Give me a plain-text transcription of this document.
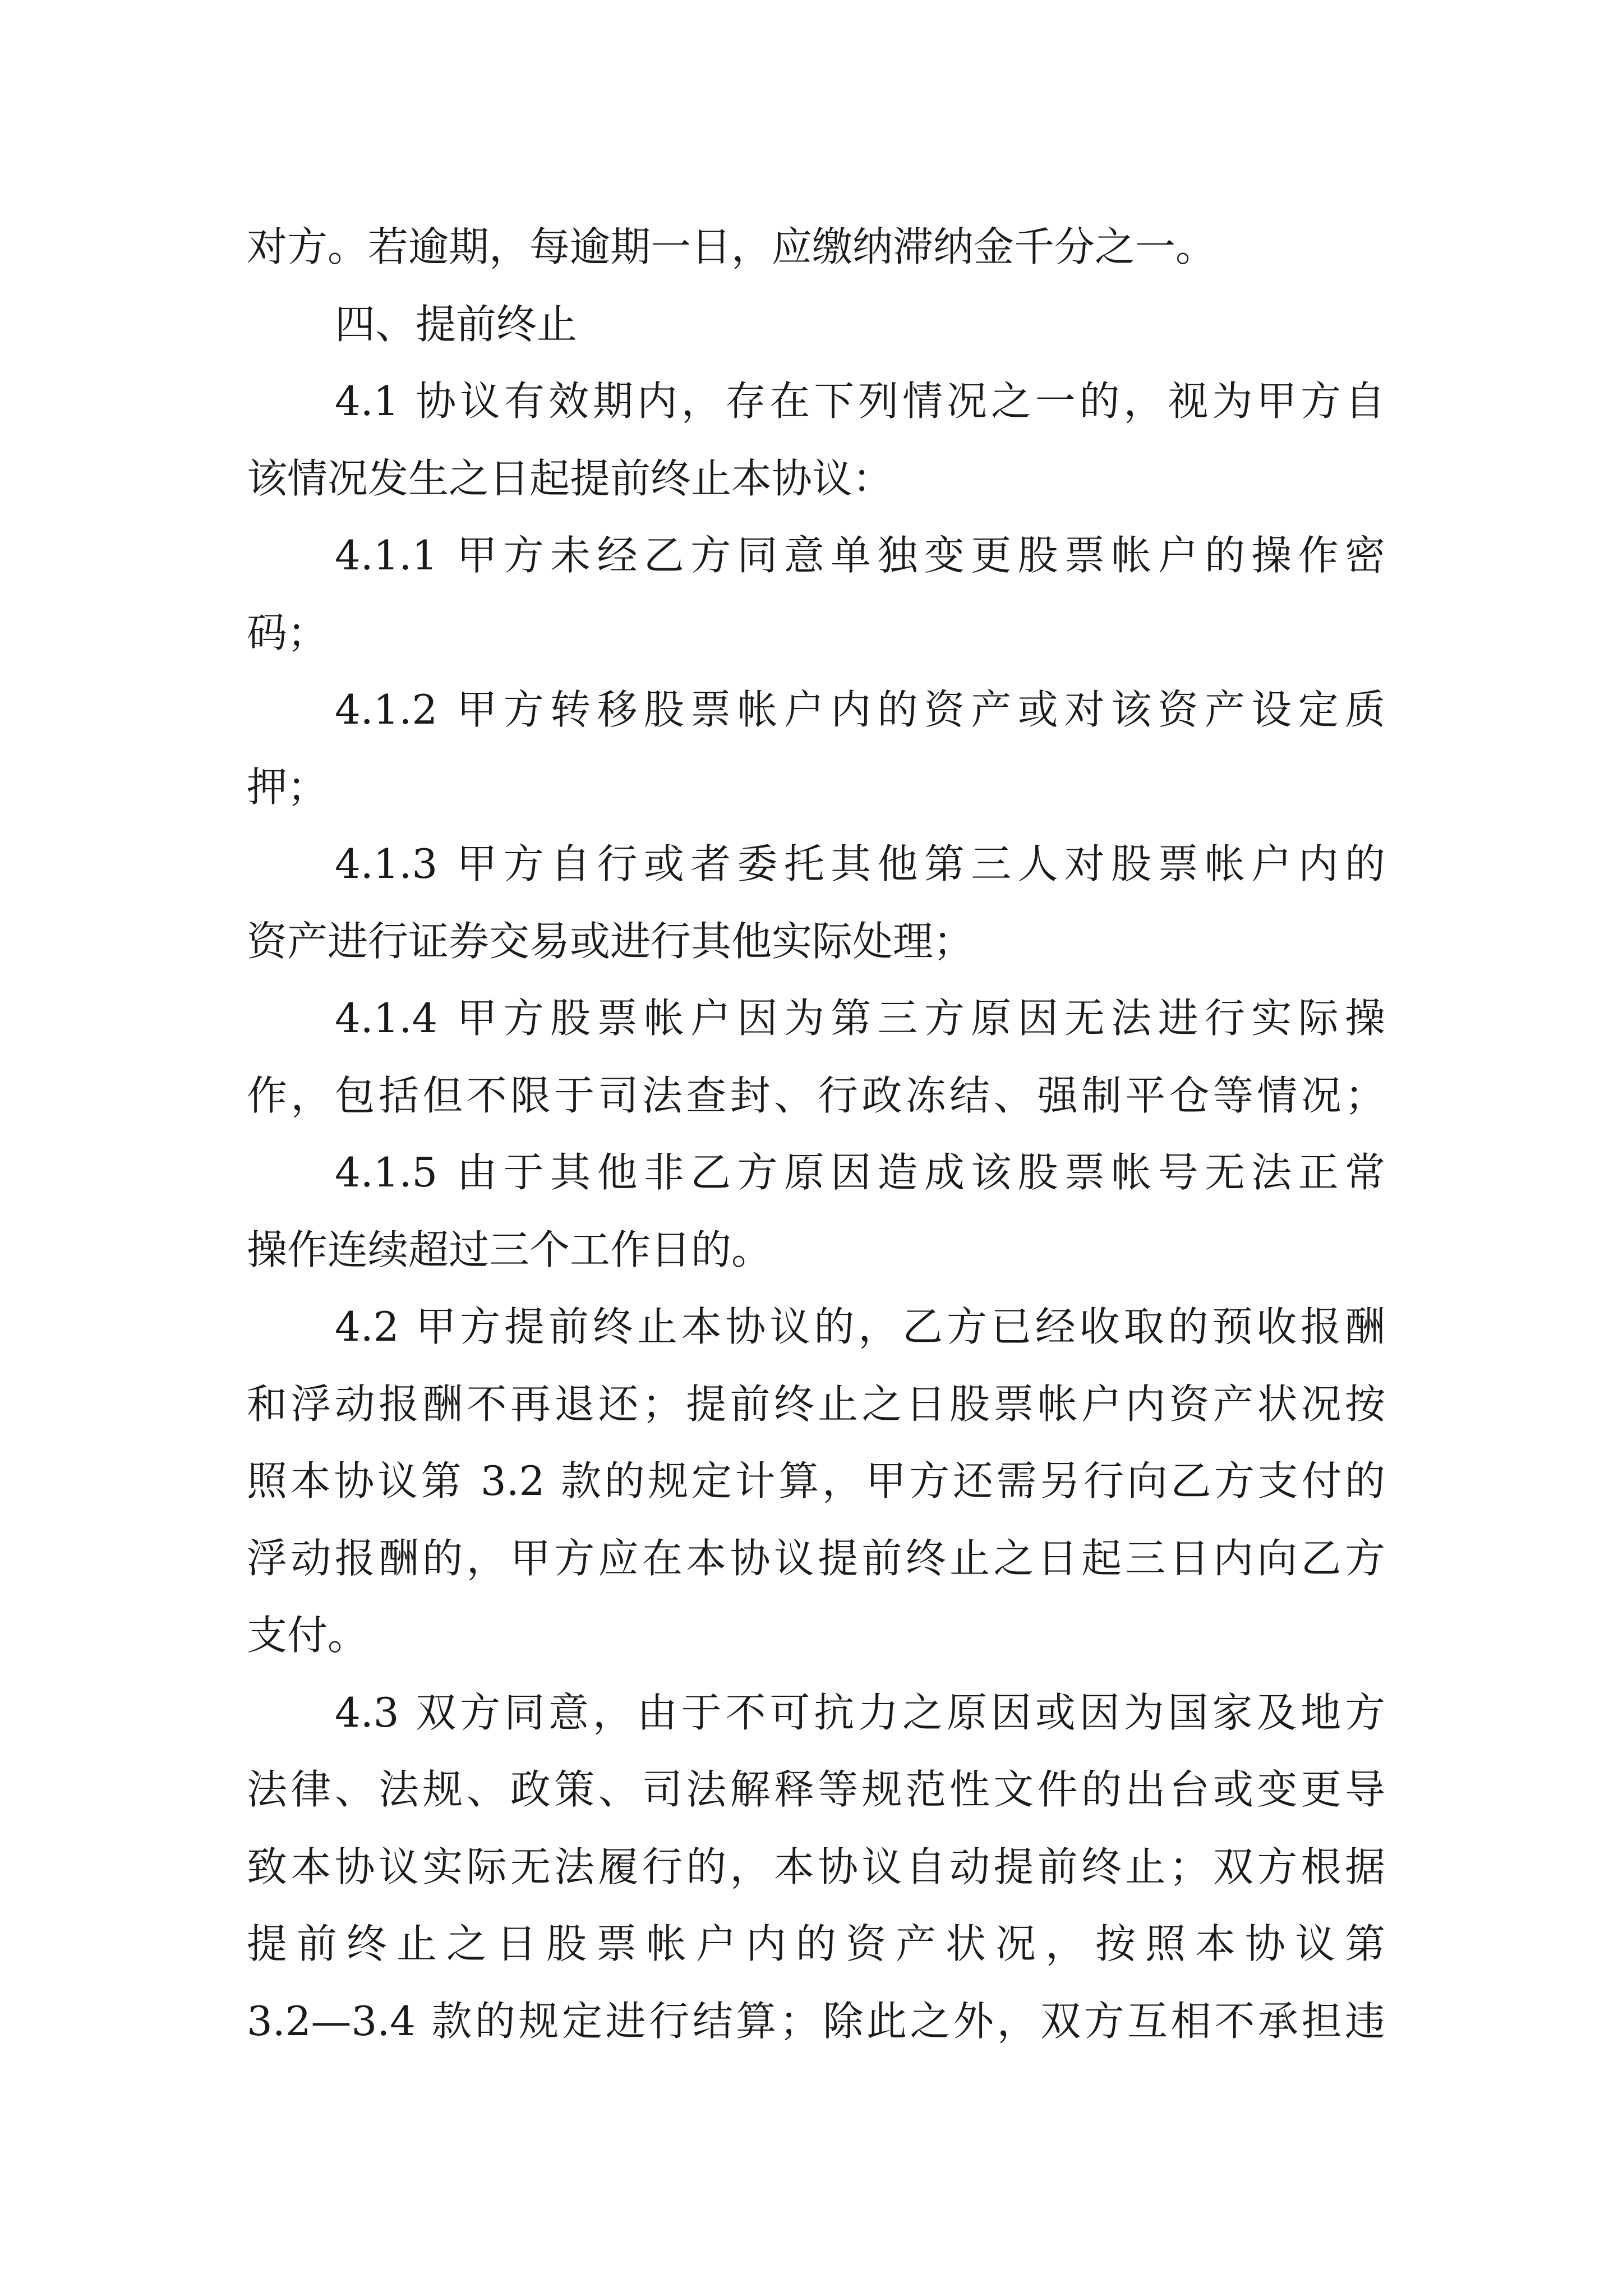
对方。若逾期，每逾期一日，应缴纳滞纳金千分之一。
四、提前终止
4.1 协议有效期内，存在下列情况之一的，视为甲方自
该情况发生之日起提前终止本协议：
4.1.1 甲方未经乙方同意单独变更股票帐户的操作密
码；
4.1.2 甲方转移股票帐户内的资产或对该资产设定质
押；
4.1.3 甲方自行或者委托其他第三人对股票帐户内的
资产进行证券交易或进行其他实际处理；
4.1.4 甲方股票帐户因为第三方原因无法进行实际操
作，包括但不限于司法查封、行政冻结、强制平仓等情况；
4.1.5 由于其他非乙方原因造成该股票帐号无法正常
操作连续超过三个工作日的。
4.2 甲方提前终止本协议的，乙方已经收取的预收报酬
和浮动报酬不再退还；提前终止之日股票帐户内资产状况按
照本协议第 3.2 款的规定计算，甲方还需另行向乙方支付的
浮动报酬的，甲方应在本协议提前终止之日起三日内向乙方
支付。
4.3 双方同意，由于不可抗力之原因或因为国家及地方
法律、法规、政策、司法解释等规范性文件的出台或变更导
致本协议实际无法履行的，本协议自动提前终止；双方根据
提前终止之日股票帐户内的资产状况，按照本协议第
3.2—3.4 款的规定进行结算；除此之外，双方互相不承担违
